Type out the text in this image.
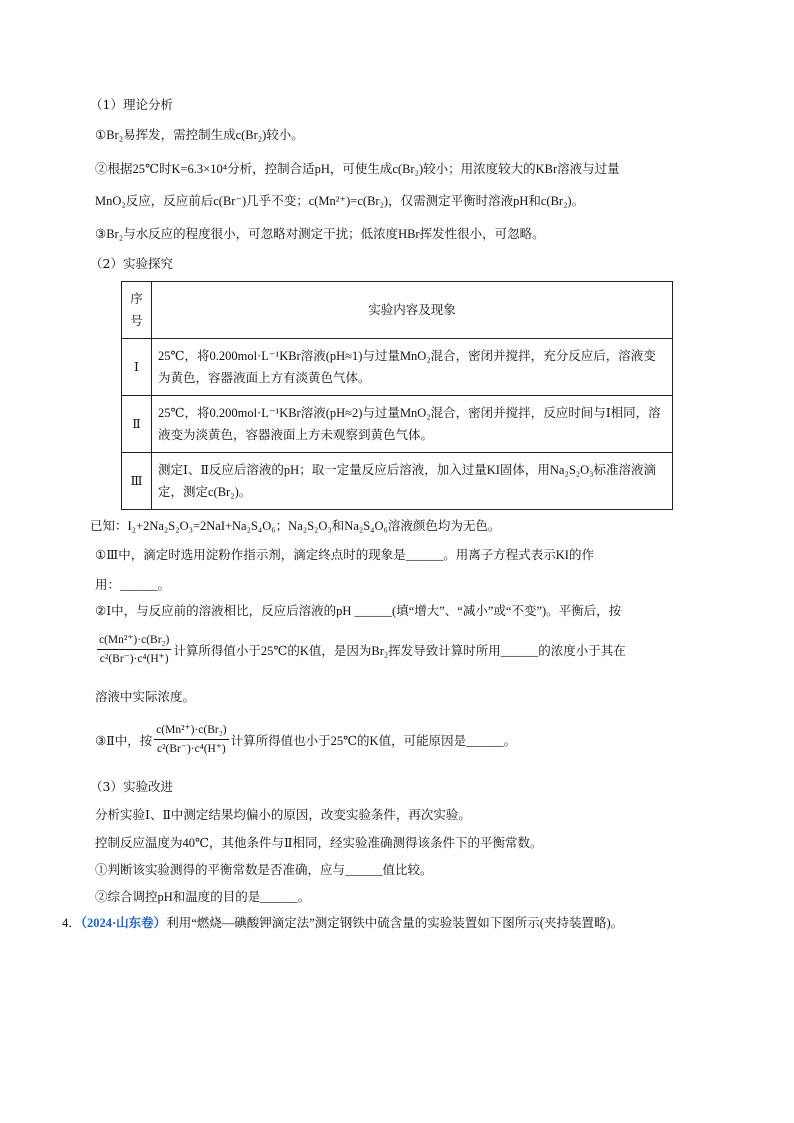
（1）理论分析
①Br₂易挥发，需控制生成c(Br₂)较小。
②根据25℃时K=6.3×10⁴分析，控制合适pH，可使生成c(Br₂)较小；用浓度较大的KBr溶液与过量
MnO₂反应，反应前后c(Br⁻)几乎不变；c(Mn²⁺)=c(Br₂)，仅需测定平衡时溶液pH和c(Br₂)。
③Br₂与水反应的程度很小，可忽略对测定干扰；低浓度HBr挥发性很小，可忽略。
（2）实验探究
序号	实验内容及现象
Ⅰ	25℃，将0.200mol·L⁻¹KBr溶液(pH≈1)与过量MnO₂混合，密闭并搅拌，充分反应后，溶液变为黄色，容器液面上方有淡黄色气体。
Ⅱ	25℃，将0.200mol·L⁻¹KBr溶液(pH≈2)与过量MnO₂混合，密闭并搅拌，反应时间与Ⅰ相同，溶液变为淡黄色，容器液面上方未观察到黄色气体。
Ⅲ	测定Ⅰ、Ⅱ反应后溶液的pH；取一定量反应后溶液，加入过量KI固体，用Na₂S₂O₃标准溶液滴定，测定c(Br₂)。
已知：I₂+2Na₂S₂O₃=2NaI+Na₂S₄O₆；Na₂S₂O₃和Na₂S₄O₆溶液颜色均为无色。
①Ⅲ中，滴定时选用淀粉作指示剂，滴定终点时的现象是______。用离子方程式表示KI的作
用：______。
②Ⅰ中，与反应前的溶液相比，反应后溶液的pH ______(填“增大”、“减小”或“不变”)。平衡后，按
$\frac{\text{c(Mn²⁺)·c(Br₂)}}{\text{c²(Br⁻)·c⁴(H⁺)}}$ 计算所得值小于25℃的K值，是因为Br₂挥发导致计算时所用______的浓度小于其在
溶液中实际浓度。
③Ⅱ中，按 $\frac{\text{c(Mn²⁺)·c(Br₂)}}{\text{c²(Br⁻)·c⁴(H⁺)}}$ 计算所得值也小于25℃的K值，可能原因是______。
（3）实验改进
分析实验Ⅰ、Ⅱ中测定结果均偏小的原因，改变实验条件，再次实验。
控制反应温度为40℃，其他条件与Ⅱ相同，经实验准确测得该条件下的平衡常数。
①判断该实验测得的平衡常数是否准确，应与______值比较。
②综合调控pH和温度的目的是______。
4．（2024·山东卷）利用“燃烧—碘酸钾滴定法”测定钢铁中硫含量的实验装置如下图所示(夹持装置略)。
